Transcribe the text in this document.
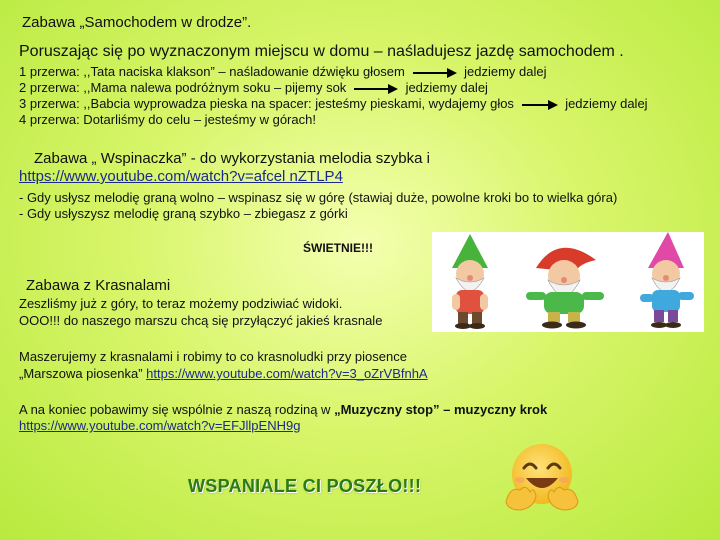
Zabawa „Samochodem w drodze”.
Poruszając się po wyznaczonym miejscu w domu – naśladujesz jazdę samochodem .
1 przerwa: ,,Tata naciska klakson” – naśladowanie dźwięku głosem	jedziemy dalej
2 przerwa: ,,Mama nalewa podróżnym soku – pijemy sok	jedziemy dalej
3 przerwa: ,,Babcia wyprowadza pieska na spacer: jesteśmy pieskami, wydajemy głos	jedziemy dalej
4 przerwa: Dotarliśmy do celu – jesteśmy w górach!
Zabawa „ Wspinaczka” - do wykorzystania melodia szybka i
https://www.youtube.com/watch?v=afcel nZTLP4
- Gdy usłysz melodię graną wolno – wspinasz się w górę (stawiaj duże, powolne kroki bo to wielka góra)
- Gdy usłyszysz melodię graną szybko – zbiegasz z górki
ŚWIETNIE!!!
Zabawa z Krasnalami
Zeszliśmy już z góry, to teraz możemy podziwiać widoki.
OOO!!! do naszego marszu chcą się przyłączyć jakieś krasnale
Maszerujemy z krasnalami i robimy to co krasnoludki przy piosence
„Marszowa piosenka” https://www.youtube.com/watch?v=3_oZrVBfnhA
A na koniec pobawimy się wspólnie z naszą rodziną w „Muzyczny stop” – muzyczny krok
https://www.youtube.com/watch?v=EFJllpENH9g
WSPANIALE CI POSZŁO!!!
